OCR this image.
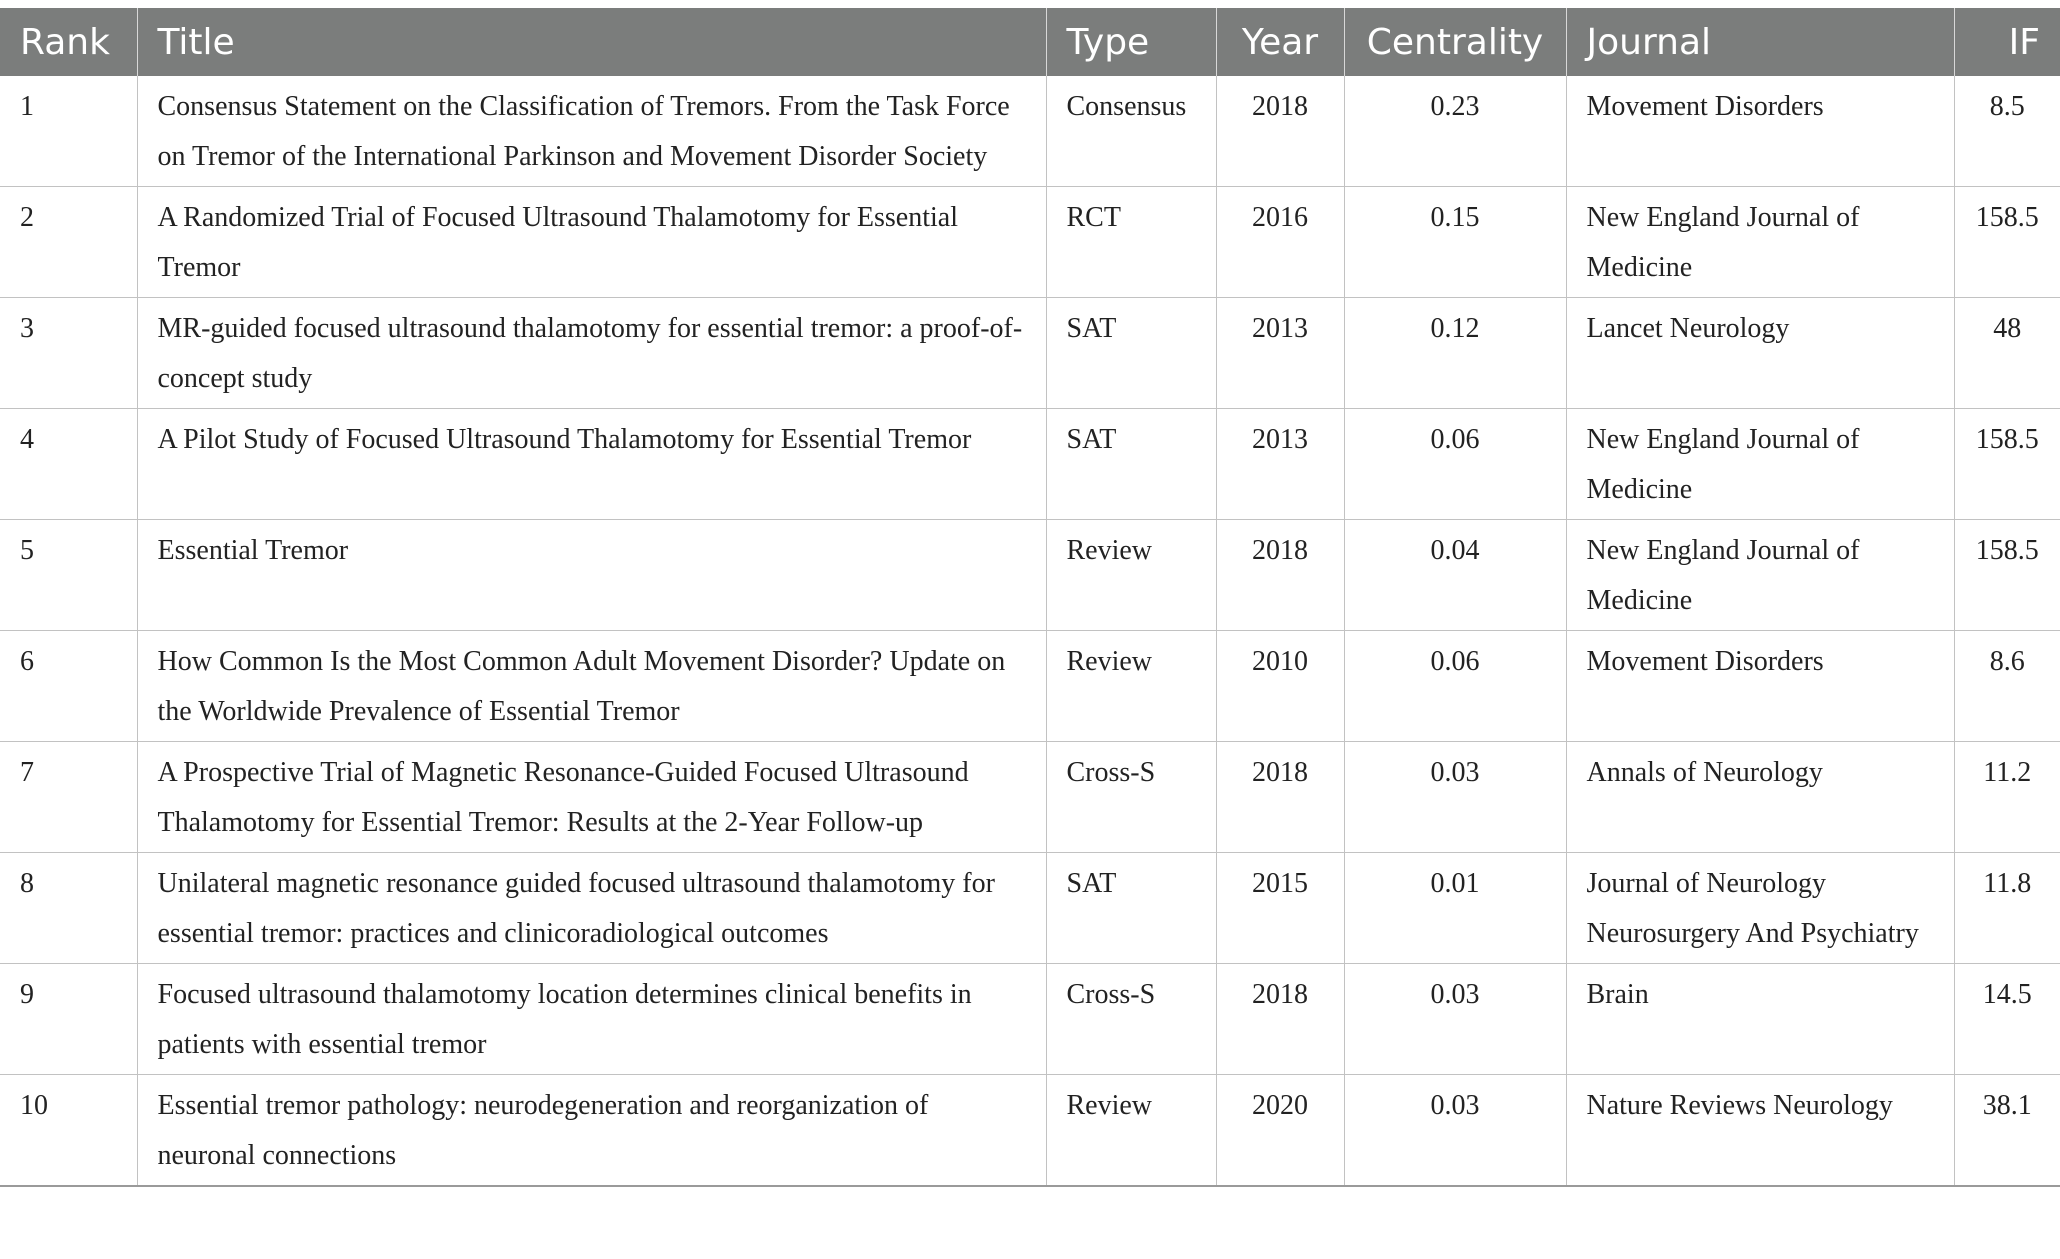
Rank	Title	Type	Year	Centrality	Journal	IF
1	Consensus Statement on the Classification of Tremors. From the Task Force on Tremor of the International Parkinson and Movement Disorder Society	Consensus	2018	0.23	Movement Disorders	8.5
2	A Randomized Trial of Focused Ultrasound Thalamotomy for Essential Tremor	RCT	2016	0.15	New England Journal of Medicine	158.5
3	MR-guided focused ultrasound thalamotomy for essential tremor: a proof-of-concept study	SAT	2013	0.12	Lancet Neurology	48
4	A Pilot Study of Focused Ultrasound Thalamotomy for Essential Tremor	SAT	2013	0.06	New England Journal of Medicine	158.5
5	Essential Tremor	Review	2018	0.04	New England Journal of Medicine	158.5
6	How Common Is the Most Common Adult Movement Disorder? Update on the Worldwide Prevalence of Essential Tremor	Review	2010	0.06	Movement Disorders	8.6
7	A Prospective Trial of Magnetic Resonance-Guided Focused Ultrasound Thalamotomy for Essential Tremor: Results at the 2-Year Follow-up	Cross-S	2018	0.03	Annals of Neurology	11.2
8	Unilateral magnetic resonance guided focused ultrasound thalamotomy for essential tremor: practices and clinicoradiological outcomes	SAT	2015	0.01	Journal of Neurology Neurosurgery And Psychiatry	11.8
9	Focused ultrasound thalamotomy location determines clinical benefits in patients with essential tremor	Cross-S	2018	0.03	Brain	14.5
10	Essential tremor pathology: neurodegeneration and reorganization of neuronal connections	Review	2020	0.03	Nature Reviews Neurology	38.1
